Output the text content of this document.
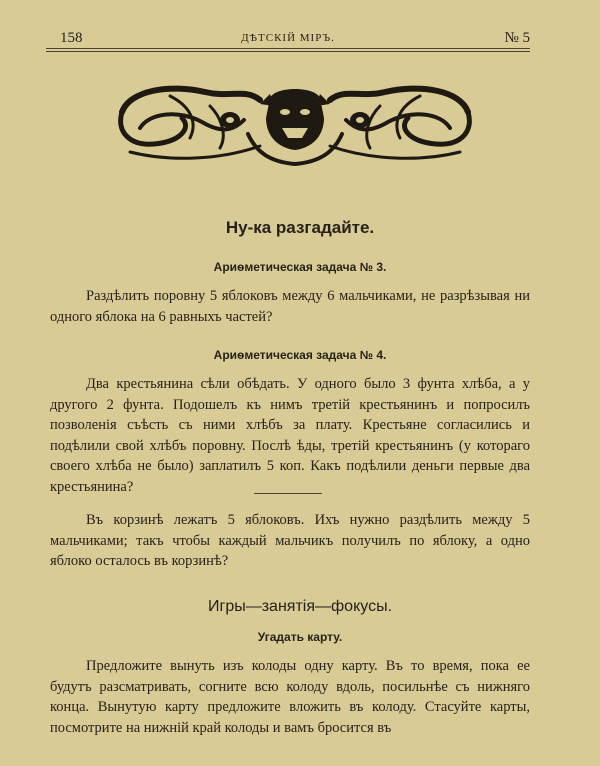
158	ДѢТСКІЙ МІРЪ.	№ 5
Ну-ка разгадайте.
Ариѳметическая задача № 3.

Раздѣлить поровну 5 яблоковъ между 6 мальчиками, не разрѣзывая ни одного яблока на 6 равныхъ частей?

Ариѳметическая задача № 4.

Два крестьянина сѣли обѣдать. У одного было 3 фунта хлѣба, а у другого 2 фунта. Подошелъ къ нимъ третій крестьянинъ и попросилъ позволенія съѣсть съ ними хлѣбъ за плату. Крестьяне согласились и подѣлили свой хлѣбъ поровну. Послѣ ѣды, третій крестьянинъ (у котораго своего хлѣба не было) заплатилъ 5 коп. Какъ подѣлили деньги первые два крестьянина?

Въ корзинѣ лежатъ 5 яблоковъ. Ихъ нужно раздѣлить между 5 мальчиками; такъ чтобы каждый мальчикъ получилъ по яблоку, а одно яблоко осталось въ корзинѣ?

Игры—занятія—фокусы.
Угадать карту.

Предложите вынуть изъ колоды одну карту. Въ то время, пока ее будутъ разсматривать, согните всю колоду вдоль, посильнѣе съ нижняго конца. Вынутую карту предложите вложить въ колоду. Стасуйте карты, посмотрите на нижній край колоды и вамъ бросится въ
